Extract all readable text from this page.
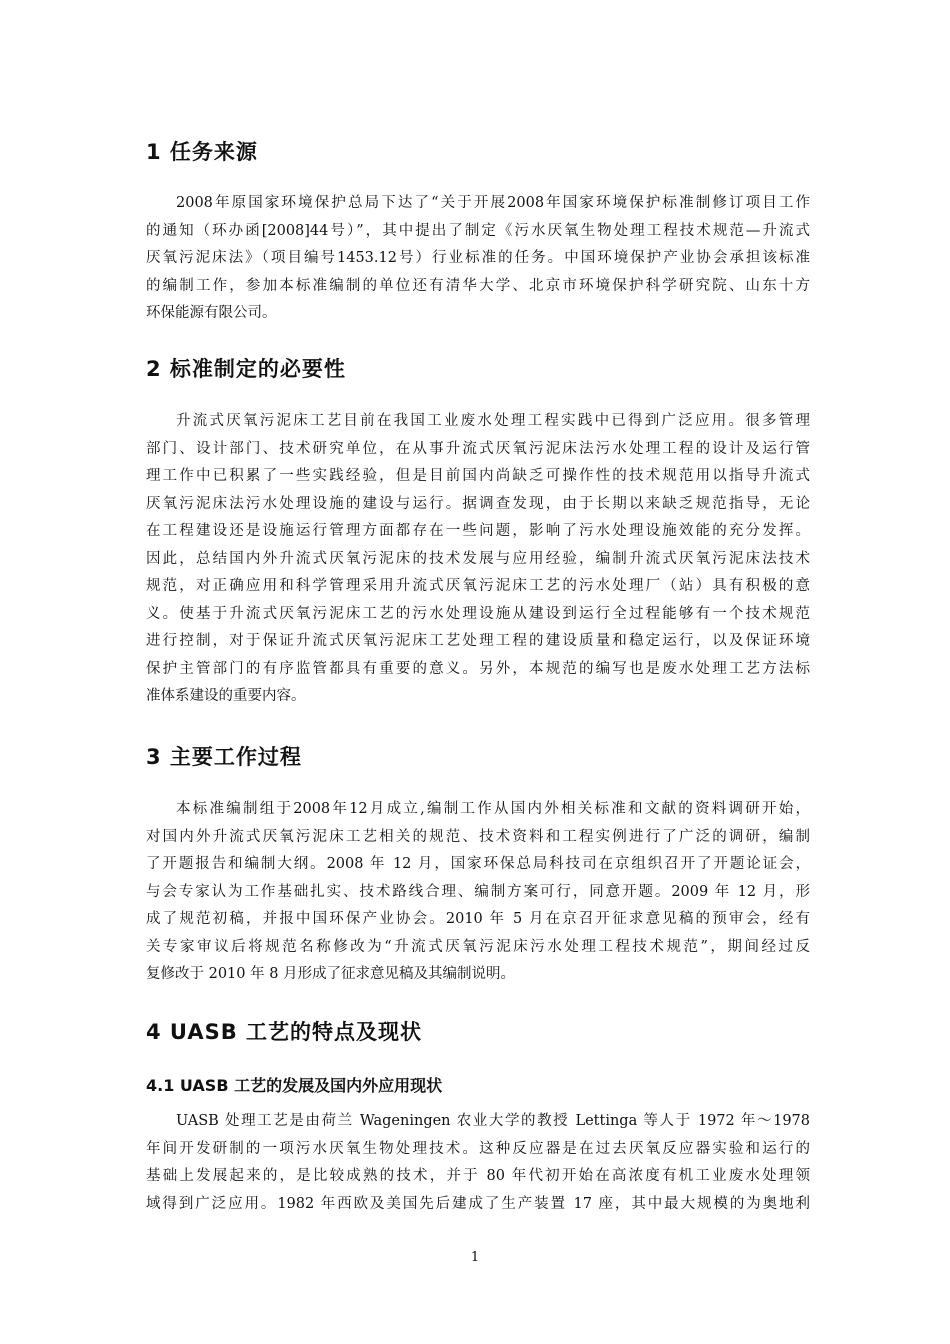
1 任务来源
2008年原国家环境保护总局下达了“关于开展2008年国家环境保护标准制修订项目工作
的通知（环办函[2008]44号）”，其中提出了制定《污水厌氧生物处理工程技术规范—升流式
厌氧污泥床法》（项目编号1453.12号）行业标准的任务。中国环境保护产业协会承担该标准
的编制工作，参加本标准编制的单位还有清华大学、北京市环境保护科学研究院、山东十方
环保能源有限公司。
2 标准制定的必要性
升流式厌氧污泥床工艺目前在我国工业废水处理工程实践中已得到广泛应用。很多管理
部门、设计部门、技术研究单位，在从事升流式厌氧污泥床法污水处理工程的设计及运行管
理工作中已积累了一些实践经验，但是目前国内尚缺乏可操作性的技术规范用以指导升流式
厌氧污泥床法污水处理设施的建设与运行。据调查发现，由于长期以来缺乏规范指导，无论
在工程建设还是设施运行管理方面都存在一些问题，影响了污水处理设施效能的充分发挥。
因此，总结国内外升流式厌氧污泥床的技术发展与应用经验，编制升流式厌氧污泥床法技术
规范，对正确应用和科学管理采用升流式厌氧污泥床工艺的污水处理厂（站）具有积极的意
义。使基于升流式厌氧污泥床工艺的污水处理设施从建设到运行全过程能够有一个技术规范
进行控制，对于保证升流式厌氧污泥床工艺处理工程的建设质量和稳定运行，以及保证环境
保护主管部门的有序监管都具有重要的意义。另外，本规范的编写也是废水处理工艺方法标
准体系建设的重要内容。
3 主要工作过程
本标准编制组于2008年12月成立,编制工作从国内外相关标准和文献的资料调研开始，
对国内外升流式厌氧污泥床工艺相关的规范、技术资料和工程实例进行了广泛的调研，编制
了开题报告和编制大纲。2008 年 12 月，国家环保总局科技司在京组织召开了开题论证会，
与会专家认为工作基础扎实、技术路线合理、编制方案可行，同意开题。2009 年 12 月，形
成了规范初稿，并报中国环保产业协会。2010 年 5 月在京召开征求意见稿的预审会，经有
关专家审议后将规范名称修改为“升流式厌氧污泥床污水处理工程技术规范”，期间经过反
复修改于 2010 年 8 月形成了征求意见稿及其编制说明。
4 UASB 工艺的特点及现状
4.1 UASB 工艺的发展及国内外应用现状
UASB 处理工艺是由荷兰 Wageningen 农业大学的教授 Lettinga 等人于 1972 年～1978
年间开发研制的一项污水厌氧生物处理技术。这种反应器是在过去厌氧反应器实验和运行的
基础上发展起来的，是比较成熟的技术，并于 80 年代初开始在高浓度有机工业废水处理领
域得到广泛应用。1982 年西欧及美国先后建成了生产装置 17 座，其中最大规模的为奥地利
1
